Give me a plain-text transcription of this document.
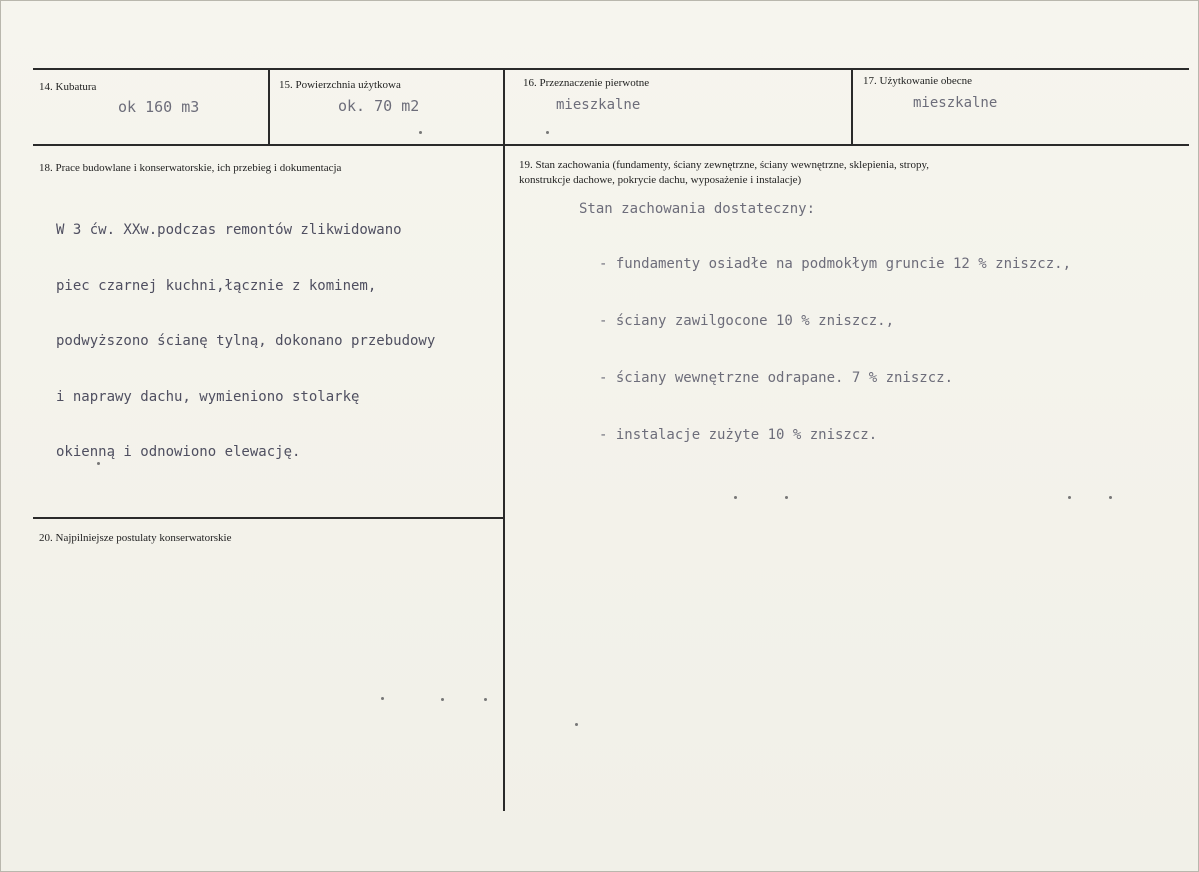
14. Kubatura
ok 160 m3
15. Powierzchnia użytkowa
ok. 70 m2
16. Przeznaczenie pierwotne
mieszkalne
17. Użytkowanie obecne
mieszkalne
18. Prace budowlane i konserwatorskie, ich przebieg i dokumentacja

W 3 ćw. XXw.podczas remontów zlikwidowano

piec czarnej kuchni,łącznie z kominem,

podwyższono ścianę tylną, dokonano przebudowy

i naprawy dachu, wymieniono stolarkę

okienną i odnowiono elewację.

19. Stan zachowania (fundamenty, ściany zewnętrzne, ściany wewnętrzne, sklepienia, stropy,
konstrukcje dachowe, pokrycie dachu, wyposażenie i instalacje)
Stan zachowania dostateczny:

- fundamenty osiadłe na podmokłym gruncie 12 % zniszcz.,

- ściany zawilgocone 10 % zniszcz.,

- ściany wewnętrzne odrapane. 7 % zniszcz.

- instalacje zużyte 10 % zniszcz.

20. Najpilniejsze postulaty konserwatorskie
